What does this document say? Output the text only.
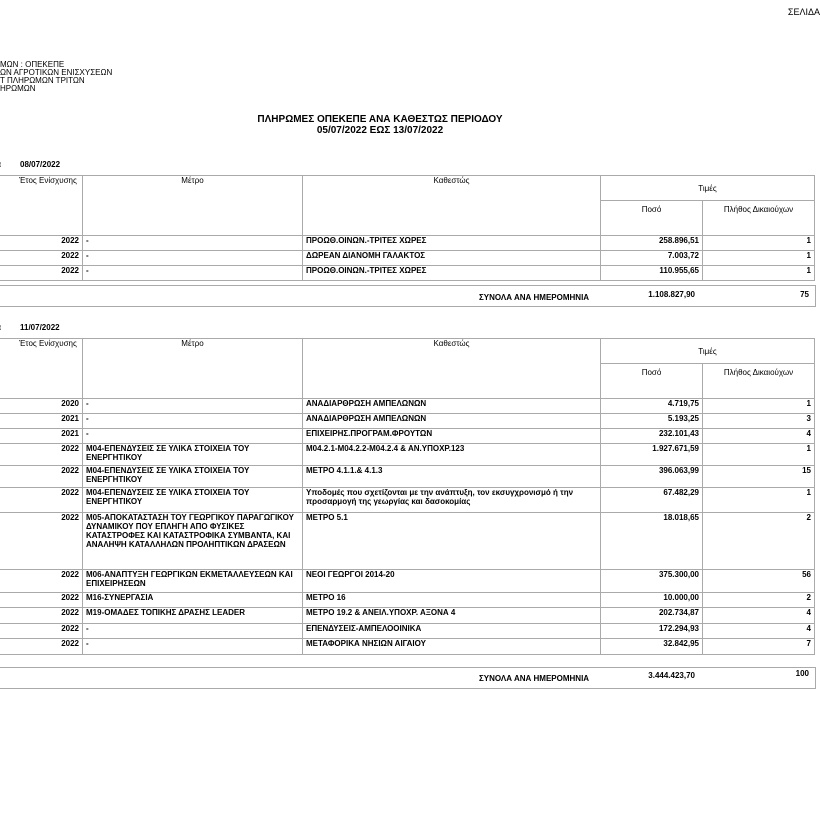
ΣΕΛΙΔΑ
ΜΩΝ : ΟΠΕΚΕΠΕ
ΩΝ ΑΓΡΟΤΙΚΩΝ ΕΝΙΣΧΥΣΕΩΝ
Τ ΠΛΗΡΩΜΩΝ ΤΡΙΤΩΝ
ΗΡΩΜΩΝ
ΠΛΗΡΩΜΕΣ ΟΠΕΚΕΠΕ ΑΝΑ ΚΑΘΕΣΤΩΣ ΠΕΡΙΟΔΟΥ
05/07/2022 ΕΩΣ 13/07/2022
08/07/2022
Έτος Ενίσχυσης	Μέτρο	Καθεστώς	Τιμές	
			Ποσό	Πλήθος Δικαιούχων
2022	-	ΠΡΟΩΘ.ΟΙΝΩΝ.-ΤΡΙΤΕΣ ΧΩΡΕΣ	258.896,51	1
2022	-	ΔΩΡΕΑΝ ΔΙΑΝΟΜΗ ΓΑΛΑΚΤΟΣ	7.003,72	1
2022	-	ΠΡΟΩΘ.ΟΙΝΩΝ.-ΤΡΙΤΕΣ ΧΩΡΕΣ	110.955,65	1
ΣΥΝΟΛΑ ΑΝΑ ΗΜΕΡΟΜΗΝΙΑ	1.108.827,90	75
11/07/2022
Έτος Ενίσχυσης	Μέτρο	Καθεστώς	Τιμές	
			Ποσό	Πλήθος Δικαιούχων
2020	-	ΑΝΑΔΙΑΡΘΡΩΣΗ ΑΜΠΕΛΩΝΩΝ	4.719,75	1
2021	-	ΑΝΑΔΙΑΡΘΡΩΣΗ ΑΜΠΕΛΩΝΩΝ	5.193,25	3
2021	-	ΕΠΙΧΕΙΡΗΣ.ΠΡΟΓΡΑΜ.ΦΡΟΥΤΩΝ	232.101,43	4
2022	Μ04-ΕΠΕΝΔΥΣΕΙΣ ΣΕ ΥΛΙΚΑ ΣΤΟΙΧΕΙΑ ΤΟΥ ΕΝΕΡΓΗΤΙΚΟΥ	Μ04.2.1-Μ04.2.2-Μ04.2.4 & ΑΝ.ΥΠΟΧΡ.123	1.927.671,59	1
2022	Μ04-ΕΠΕΝΔΥΣΕΙΣ ΣΕ ΥΛΙΚΑ ΣΤΟΙΧΕΙΑ ΤΟΥ ΕΝΕΡΓΗΤΙΚΟΥ	ΜΕΤΡΟ 4.1.1.& 4.1.3	396.063,99	15
2022	Μ04-ΕΠΕΝΔΥΣΕΙΣ ΣΕ ΥΛΙΚΑ ΣΤΟΙΧΕΙΑ ΤΟΥ ΕΝΕΡΓΗΤΙΚΟΥ	Υποδομές που σχετίζονται με την ανάπτυξη, τον εκσυγχρονισμό ή την προσαρμογή της γεωργίας και δασοκομίας	67.482,29	1
2022	Μ05-ΑΠΟΚΑΤΑΣΤΑΣΗ ΤΟΥ ΓΕΩΡΓΙΚΟΥ ΠΑΡΑΓΩΓΙΚΟΥ ΔΥΝΑΜΙΚΟΥ ΠΟΥ ΕΠΛΗΓΗ ΑΠΟ ΦΥΣΙΚΕΣ ΚΑΤΑΣΤΡΟΦΕΣ ΚΑΙ ΚΑΤΑΣΤΡΟΦΙΚΑ ΣΥΜΒΑΝΤΑ, ΚΑΙ ΑΝΑΛΗΨΗ ΚΑΤΑΛΛΗΛΩΝ ΠΡΟΛΗΠΤΙΚΩΝ ΔΡΑΣΕΩΝ	ΜΕΤΡΟ 5.1	18.018,65	2
2022	Μ06-ΑΝΑΠΤΥΞΗ ΓΕΩΡΓΙΚΩΝ ΕΚΜΕΤΑΛΛΕΥΣΕΩΝ ΚΑΙ ΕΠΙΧΕΙΡΗΣΕΩΝ	ΝΕΟΙ ΓΕΩΡΓΟΙ 2014-20	375.300,00	56
2022	Μ16-ΣΥΝΕΡΓΑΣΙΑ	ΜΕΤΡΟ 16	10.000,00	2
2022	Μ19-ΟΜΑΔΕΣ ΤΟΠΙΚΗΣ ΔΡΑΣΗΣ LEADER	ΜΕΤΡΟ 19.2 & ΑΝΕΙΛ.ΥΠΟΧΡ. ΑΞΟΝΑ 4	202.734,87	4
2022	-	ΕΠΕΝΔΥΣΕΙΣ-ΑΜΠΕΛΟΟΙΝΙΚΑ	172.294,93	4
2022	-	ΜΕΤΑΦΟΡΙΚΑ ΝΗΣΙΩΝ ΑΙΓΑΙΟΥ	32.842,95	7
ΣΥΝΟΛΑ ΑΝΑ ΗΜΕΡΟΜΗΝΙΑ	3.444.423,70	100
